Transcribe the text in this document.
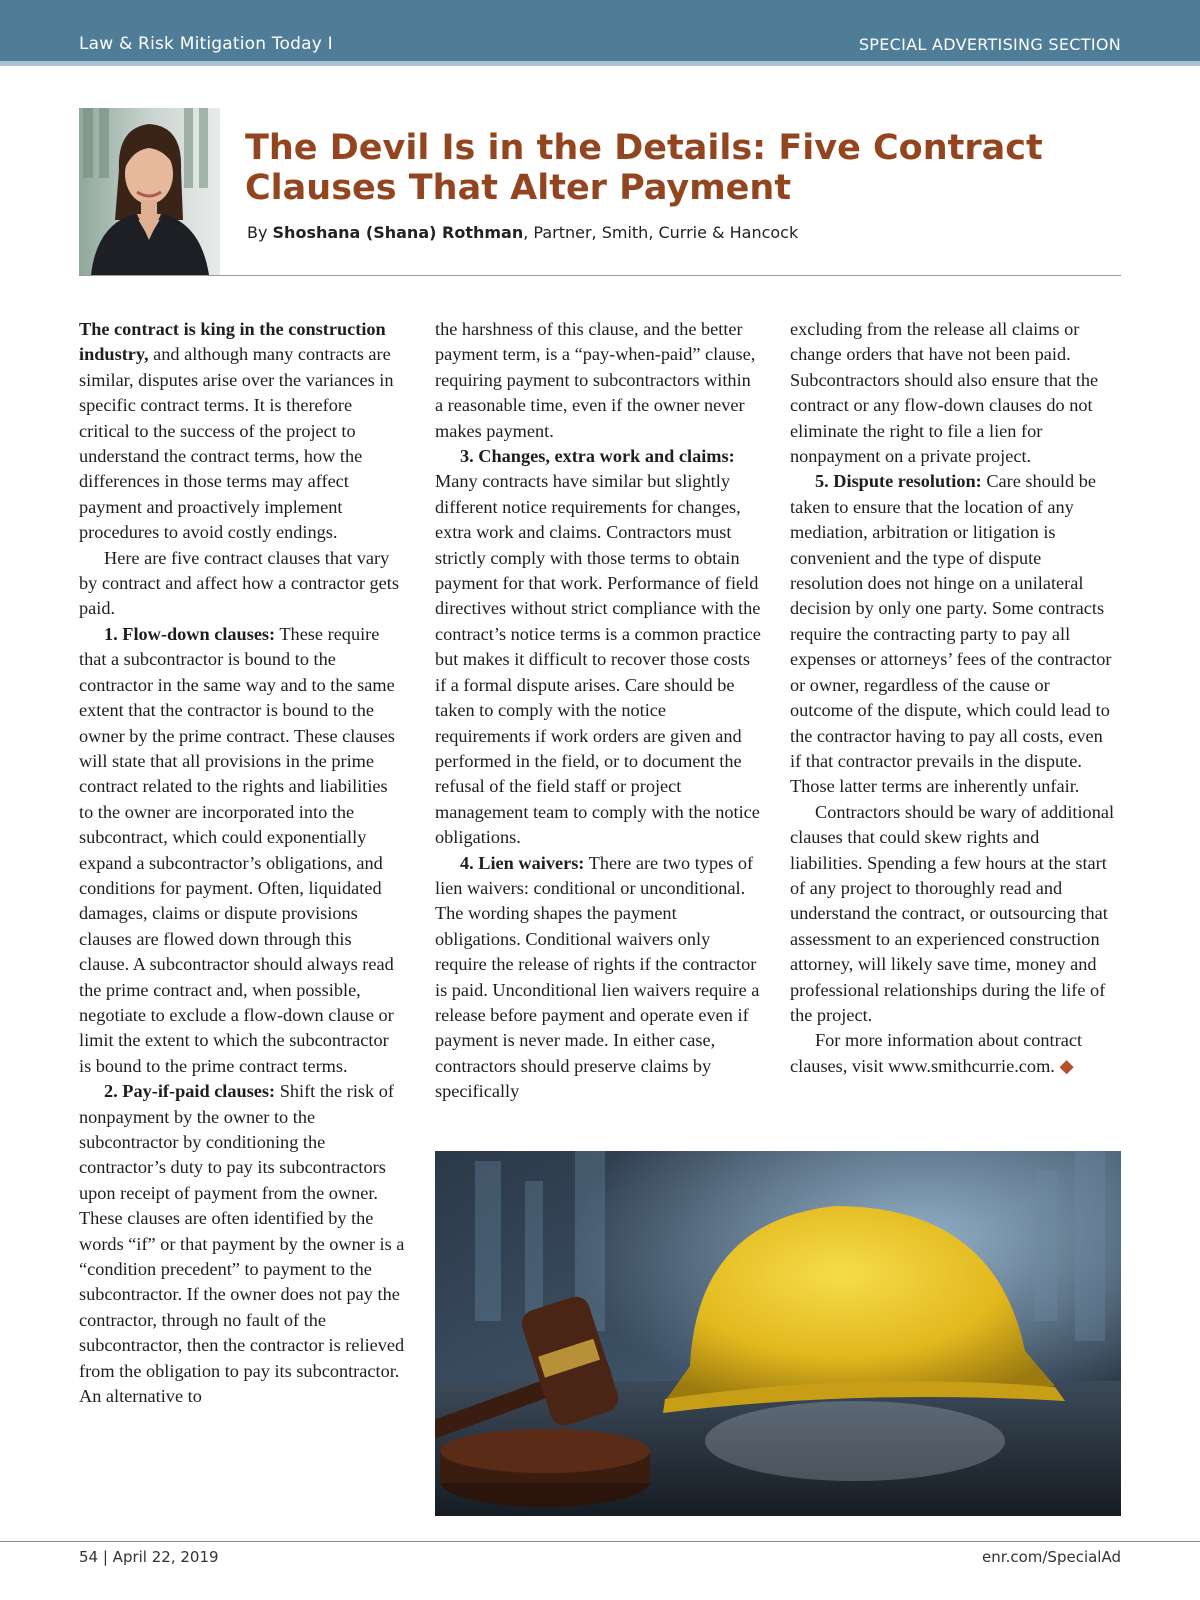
Law & Risk Mitigation Today I	SPECIAL ADVERTISING SECTION
The Devil Is in the Details: Five Contract
Clauses That Alter Payment
By Shoshana (Shana) Rothman, Partner, Smith, Currie & Hancock

The contract is king in the construction industry, and although many contracts are similar, disputes arise over the variances in specific contract terms. It is therefore critical to the success of the project to understand the contract terms, how the differences in those terms may affect payment and proactively implement procedures to avoid costly endings.

Here are five contract clauses that vary by contract and affect how a contractor gets paid.

1. Flow-down clauses: These require that a subcontractor is bound to the contractor in the same way and to the same extent that the contractor is bound to the owner by the prime contract. These clauses will state that all provisions in the prime contract related to the rights and liabilities to the owner are incorporated into the subcontract, which could exponentially expand a subcontractor’s obligations, and conditions for payment. Often, liquidated damages, claims or dispute provisions clauses are flowed down through this clause. A subcontractor should always read the prime contract and, when possible, negotiate to exclude a flow-down clause or limit the extent to which the subcontractor is bound to the prime contract terms.

2. Pay-if-paid clauses: Shift the risk of nonpayment by the owner to the subcontractor by conditioning the contractor’s duty to pay its subcontractors upon receipt of payment from the owner. These clauses are often identified by the words “if” or that payment by the owner is a “condition precedent” to payment to the subcontractor. If the owner does not pay the contractor, through no fault of the subcontractor, then the contractor is relieved from the obligation to pay its subcontractor. An alternative to

the harshness of this clause, and the better payment term, is a “pay-when-paid” clause, requiring payment to subcontractors within a reasonable time, even if the owner never makes payment.

3. Changes, extra work and claims: Many contracts have similar but slightly different notice requirements for changes, extra work and claims. Contractors must strictly comply with those terms to obtain payment for that work. Performance of field directives without strict compliance with the contract’s notice terms is a common practice but makes it difficult to recover those costs if a formal dispute arises. Care should be taken to comply with the notice requirements if work orders are given and performed in the field, or to document the refusal of the field staff or project management team to comply with the notice obligations.

4. Lien waivers: There are two types of lien waivers: conditional or unconditional. The wording shapes the payment obligations. Conditional waivers only require the release of rights if the contractor is paid. Unconditional lien waivers require a release before payment and operate even if payment is never made. In either case, contractors should preserve claims by specifically

excluding from the release all claims or change orders that have not been paid. Subcontractors should also ensure that the contract or any flow-down clauses do not eliminate the right to file a lien for nonpayment on a private project.

5. Dispute resolution: Care should be taken to ensure that the location of any mediation, arbitration or litigation is convenient and the type of dispute resolution does not hinge on a unilateral decision by only one party. Some contracts require the contracting party to pay all expenses or attorneys’ fees of the contractor or owner, regardless of the cause or outcome of the dispute, which could lead to the contractor having to pay all costs, even if that contractor prevails in the dispute. Those latter terms are inherently unfair.

Contractors should be wary of additional clauses that could skew rights and liabilities. Spending a few hours at the start of any project to thoroughly read and understand the contract, or outsourcing that assessment to an experienced construction attorney, will likely save time, money and professional relationships during the life of the project.

For more information about contract clauses, visit www.smithcurrie.com. ◆

54 | April 22, 2019	enr.com/SpecialAd
